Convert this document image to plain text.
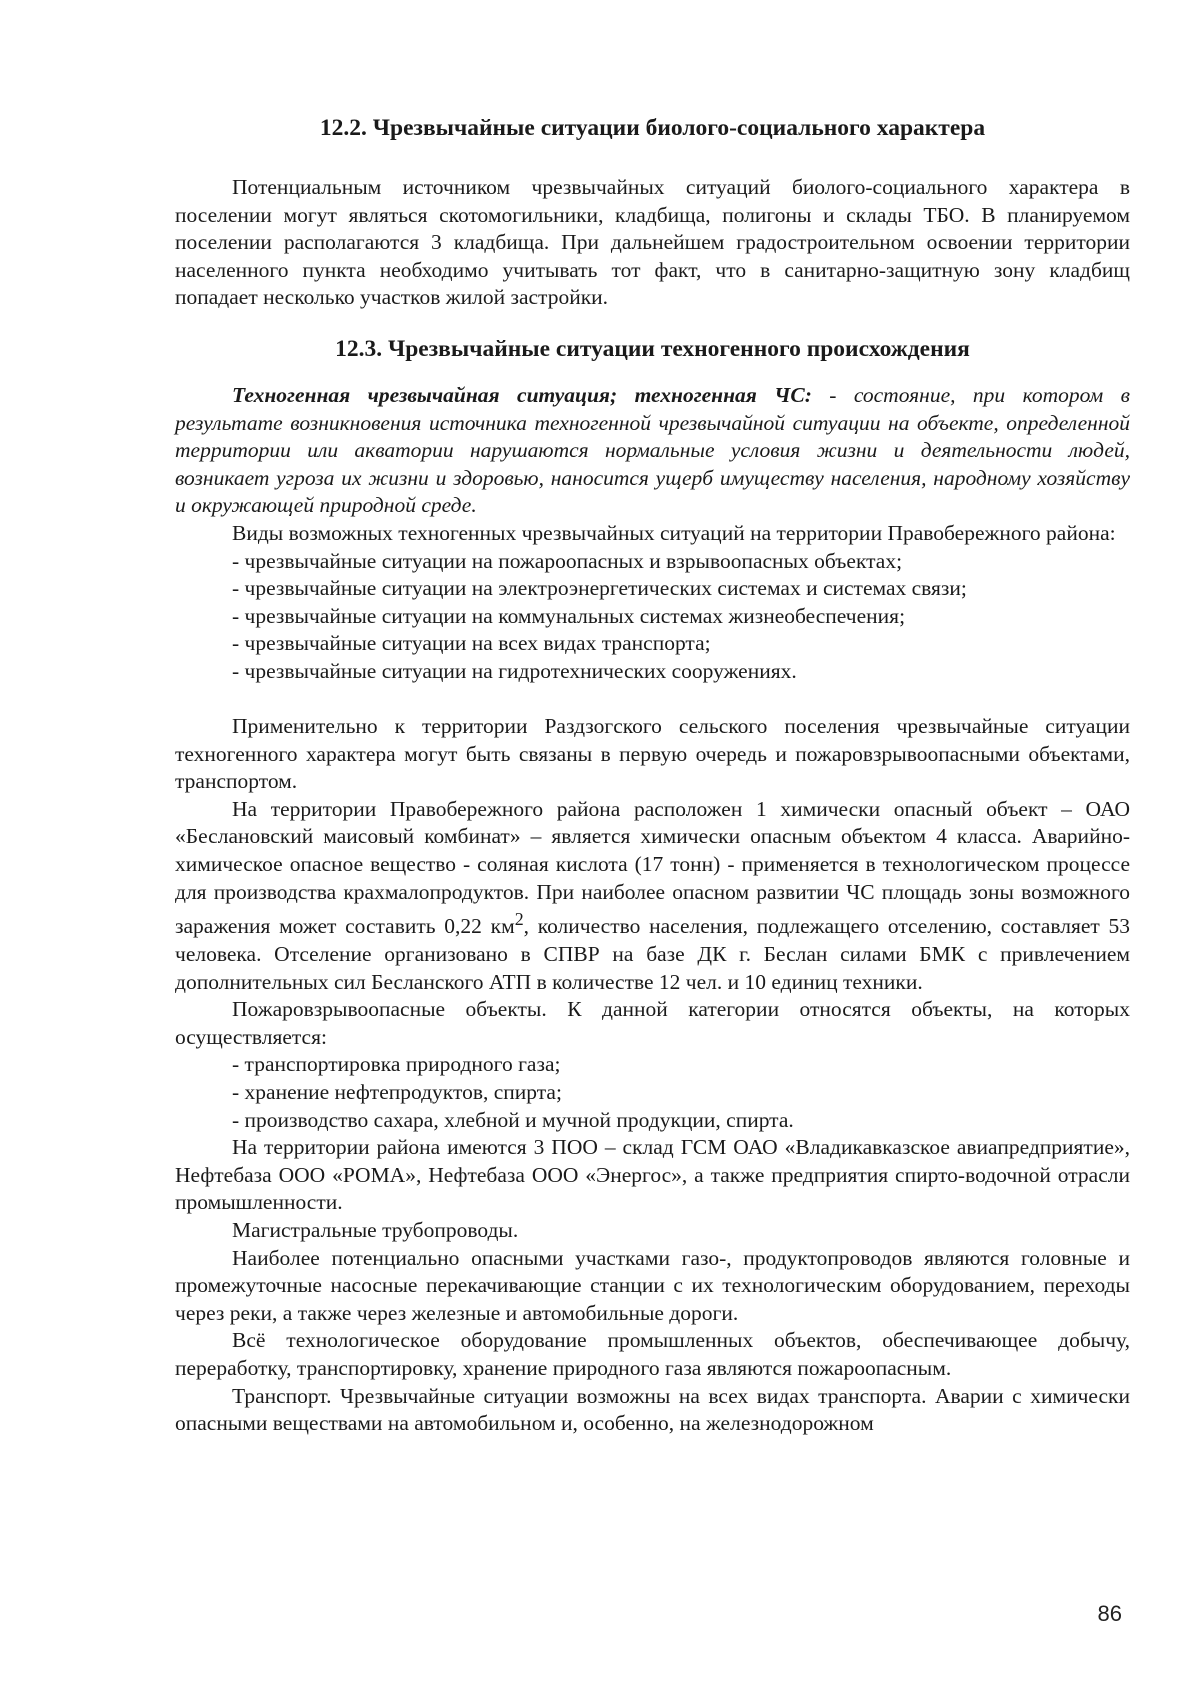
12.2. Чрезвычайные ситуации биолого-социального характера

Потенциальным источником чрезвычайных ситуаций биолого-социального характера в поселении могут являться скотомогильники, кладбища, полигоны и склады ТБО. В планируемом поселении располагаются 3 кладбища. При дальнейшем градостроительном освоении территории населенного пункта необходимо учитывать тот факт, что в санитарно-защитную зону кладбищ попадает несколько участков жилой застройки.

12.3. Чрезвычайные ситуации техногенного происхождения

Техногенная чрезвычайная ситуация; техногенная ЧС: - состояние, при котором в результате возникновения источника техногенной чрезвычайной ситуации на объекте, определенной территории или акватории нарушаются нормальные условия жизни и деятельности людей, возникает угроза их жизни и здоровью, наносится ущерб имуществу населения, народному хозяйству и окружающей природной среде.

Виды возможных техногенных чрезвычайных ситуаций на территории Правобережного района:

- чрезвычайные ситуации на пожароопасных и взрывоопасных объектах;
- чрезвычайные ситуации на электроэнергетических системах и системах связи;
- чрезвычайные ситуации на коммунальных системах жизнеобеспечения;
- чрезвычайные ситуации на всех видах транспорта;
- чрезвычайные ситуации на гидротехнических сооружениях.

Применительно к территории Раздзогского сельского поселения чрезвычайные ситуации техногенного характера могут быть связаны в первую очередь и пожаровзрывоопасными объектами, транспортом.

На территории Правобережного района расположен 1 химически опасный объект – ОАО «Беслановский маисовый комбинат» – является химически опасным объектом 4 класса. Аварийно-химическое опасное вещество - соляная кислота (17 тонн) - применяется в технологическом процессе для производства крахмалопродуктов. При наиболее опасном развитии ЧС площадь зоны возможного заражения может составить 0,22 $км^2$, количество населения, подлежащего отселению, составляет 53 человека. Отселение организовано в СПВР на базе ДК г. Беслан силами БМК с привлечением дополнительных сил Бесланского АТП в количестве 12 чел. и 10 единиц техники.

Пожаровзрывоопасные объекты. К данной категории относятся объекты, на которых осуществляется:

- транспортировка природного газа;
- хранение нефтепродуктов, спирта;
- производство сахара, хлебной и мучной продукции, спирта.

На территории района имеются 3 ПОО – склад ГСМ ОАО «Владикавказское авиапредприятие», Нефтебаза ООО «РОМА», Нефтебаза ООО «Энергос», а также предприятия спирто-водочной отрасли промышленности.

Магистральные трубопроводы.

Наиболее потенциально опасными участками газо-, продуктопроводов являются головные и промежуточные насосные перекачивающие станции с их технологическим оборудованием, переходы через реки, а также через железные и автомобильные дороги.

Всё технологическое оборудование промышленных объектов, обеспечивающее добычу, переработку, транспортировку, хранение природного газа являются пожароопасным.

Транспорт. Чрезвычайные ситуации возможны на всех видах транспорта. Аварии с химически опасными веществами на автомобильном и, особенно, на железнодорожном

86
